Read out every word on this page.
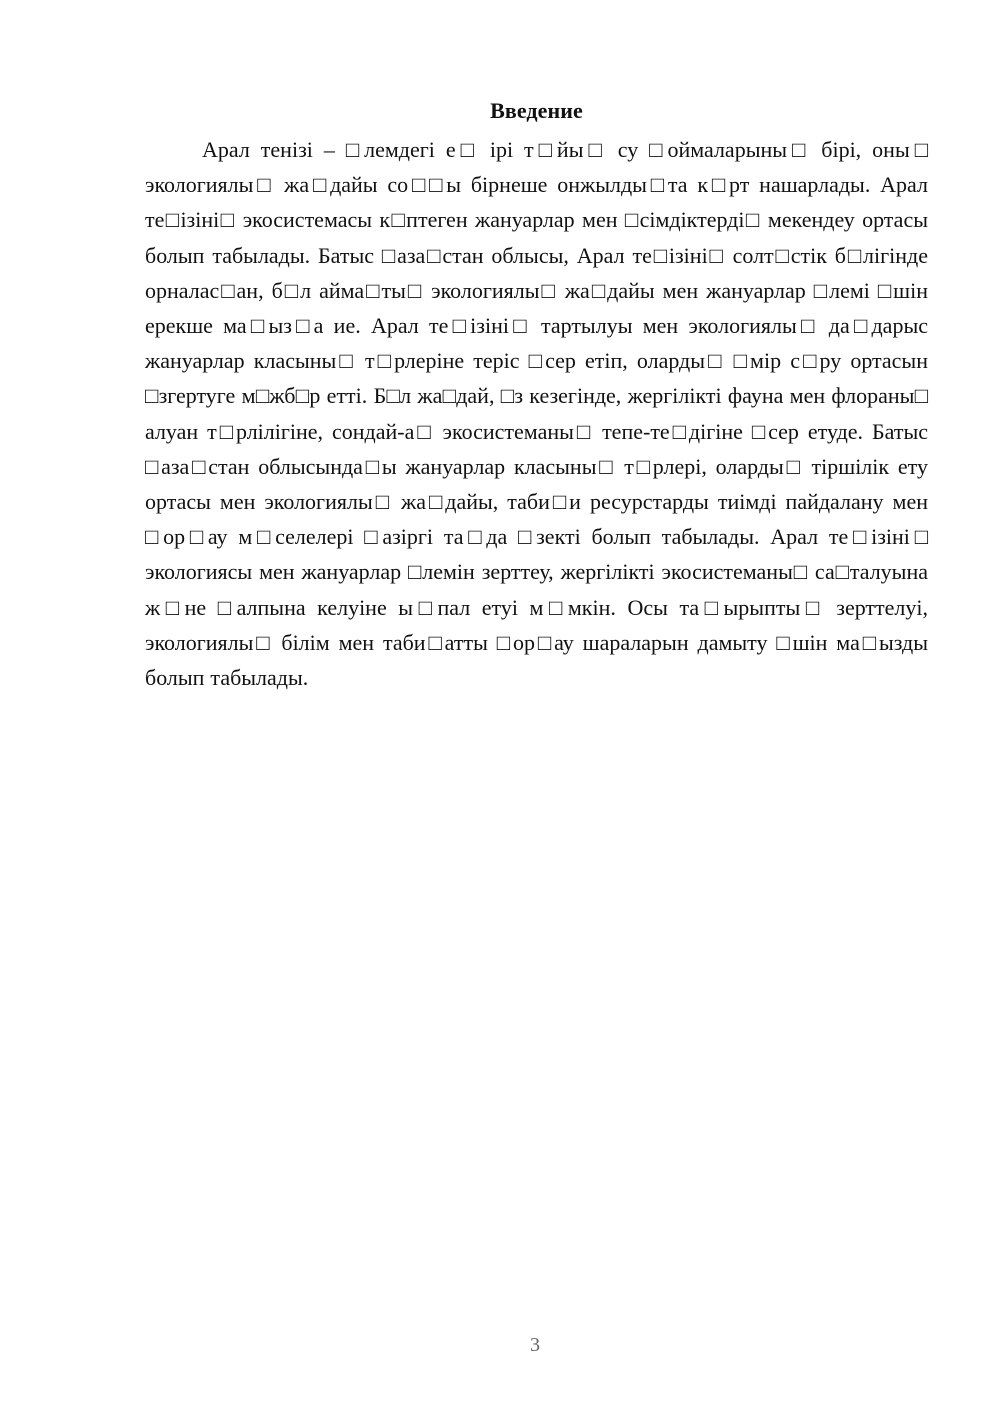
Введение

Арал тенізі – □лемдегі е□ ірі т□йы□ су □оймаларыны□ бірі, оны□ экологиялы□ жа□дайы со□□ы бірнеше онжылды□та к□рт нашарлады. Арал те□ізіні□ экосистемасы к□птеген жануарлар мен □сімдіктерді□ мекендеу ортасы болып табылады. Батыс □аза□стан облысы, Арал те□ізіні□ солт□стік б□лігінде орналас□ан, б□л айма□ты□ экологиялы□ жа□дайы мен жануарлар □лемі □шін ерекше ма□ыз□а ие. Арал те□ізіні□ тартылуы мен экологиялы□ да□дарыс жануарлар класыны□ т□рлеріне теріс □сер етіп, оларды□ □мір с□ру ортасын □згертуге м□жб□р етті. Б□л жа□дай, □з кезегінде, жергілікті фауна мен флораны□ алуан т□рлілігіне, сондай-а□ экосистеманы□ тепе-те□дігіне □сер етуде. Батыс □аза□стан облысында□ы жануарлар класыны□ т□рлері, оларды□ тіршілік ету ортасы мен экологиялы□ жа□дайы, таби□и ресурстарды тиімді пайдалану мен □ор□ау м□селелері □азіргі та□да □зекті болып табылады. Арал те□ізіні□ экологиясы мен жануарлар □лемін зерттеу, жергілікті экосистеманы□ са□талуына ж□не □алпына келуіне ы□пал етуі м□мкін. Осы та□ырыпты□ зерттелуі, экологиялы□ білім мен таби□атты □ор□ау шараларын дамыту □шін ма□ызды болып табылады.

3
